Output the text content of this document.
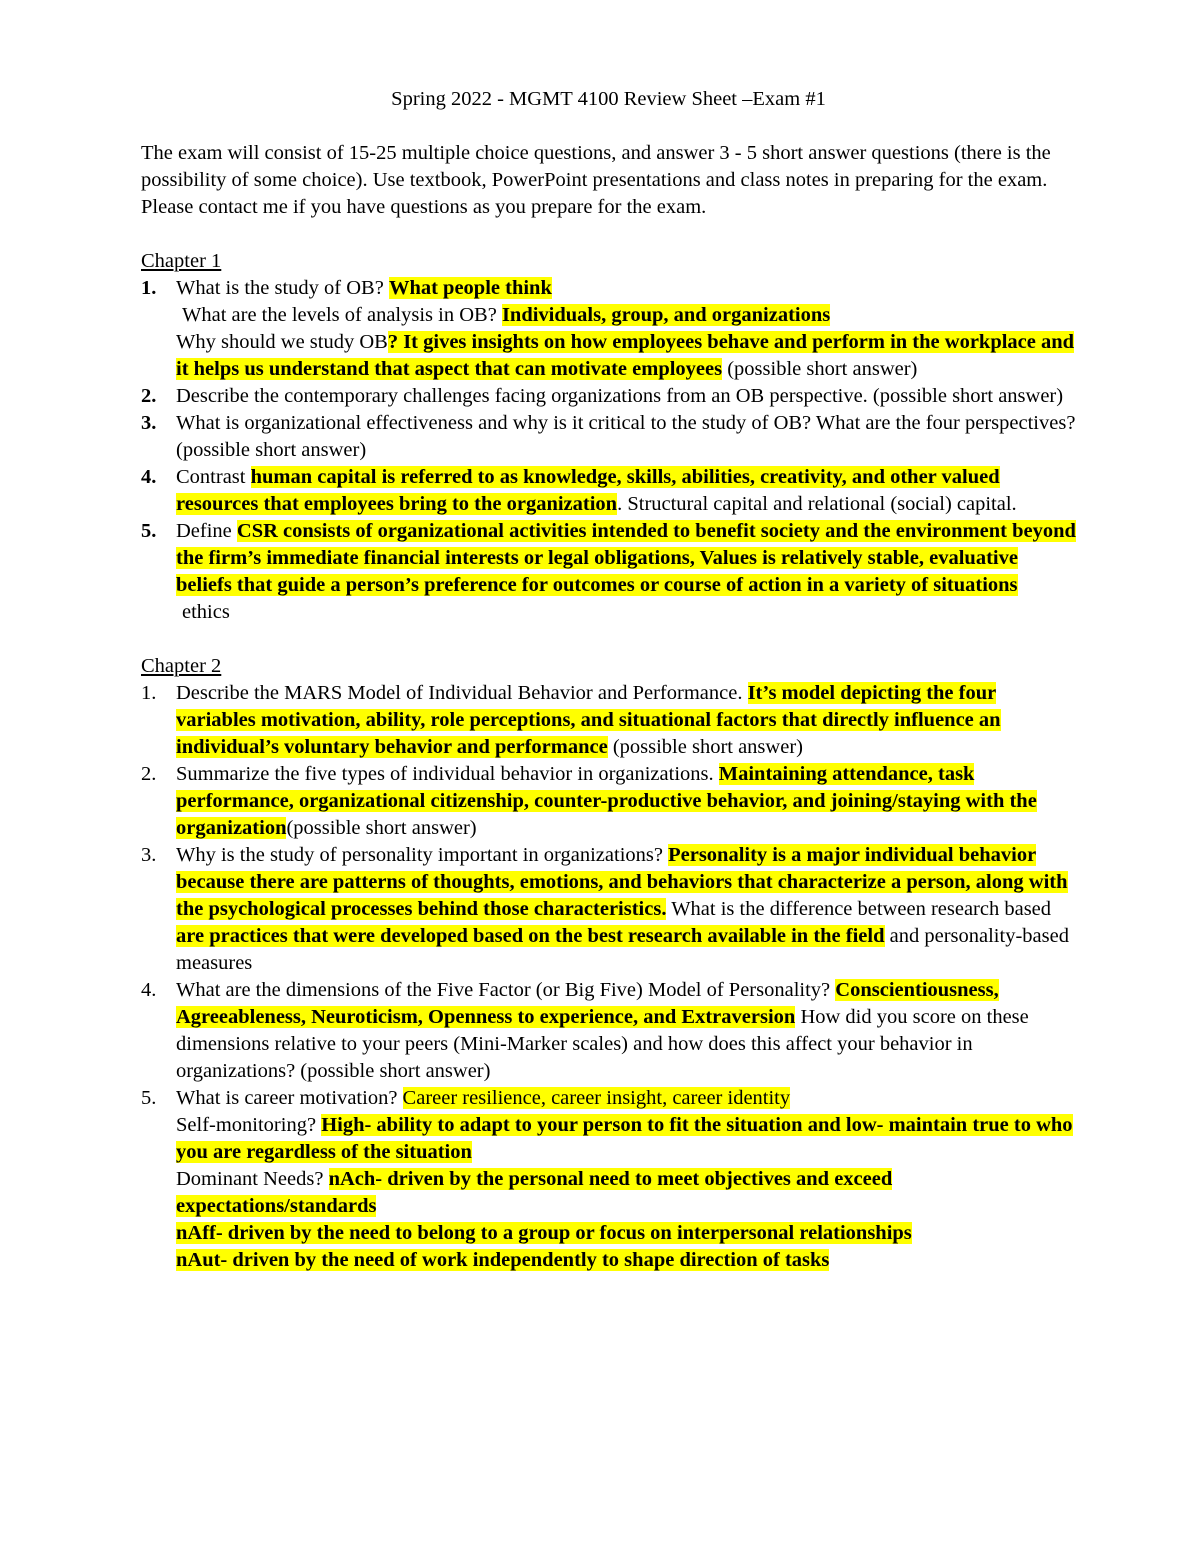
Spring 2022 - MGMT 4100 Review Sheet –Exam #1

The exam will consist of 15-25 multiple choice questions, and answer 3 - 5 short answer questions (there is the possibility of some choice). Use textbook, PowerPoint presentations and class notes in preparing for the exam. Please contact me if you have questions as you prepare for the exam.

Chapter 1

1. What is the study of OB? What people think
What are the levels of analysis in OB? Individuals, group, and organizations
Why should we study OB? It gives insights on how employees behave and perform in the workplace and it helps us understand that aspect that can motivate employees (possible short answer)
2. Describe the contemporary challenges facing organizations from an OB perspective. (possible short answer)
3. What is organizational effectiveness and why is it critical to the study of OB? What are the four perspectives? (possible short answer)
4. Contrast human capital is referred to as knowledge, skills, abilities, creativity, and other valued resources that employees bring to the organization. Structural capital and relational (social) capital.
5. Define CSR consists of organizational activities intended to benefit society and the environment beyond the firm’s immediate financial interests or legal obligations, Values is relatively stable, evaluative beliefs that guide a person’s preference for outcomes or course of action in a variety of situations
ethics

Chapter 2

1. Describe the MARS Model of Individual Behavior and Performance. It’s model depicting the four variables motivation, ability, role perceptions, and situational factors that directly influence an individual’s voluntary behavior and performance (possible short answer)
2. Summarize the five types of individual behavior in organizations. Maintaining attendance, task performance, organizational citizenship, counter-productive behavior, and joining/staying with the organization(possible short answer)
3. Why is the study of personality important in organizations? Personality is a major individual behavior because there are patterns of thoughts, emotions, and behaviors that characterize a person, along with the psychological processes behind those characteristics. What is the difference between research based are practices that were developed based on the best research available in the field and personality-based measures
4. What are the dimensions of the Five Factor (or Big Five) Model of Personality? Conscientiousness, Agreeableness, Neuroticism, Openness to experience, and Extraversion How did you score on these dimensions relative to your peers (Mini-Marker scales) and how does this affect your behavior in organizations? (possible short answer)
5. What is career motivation? Career resilience, career insight, career identity
Self-monitoring? High- ability to adapt to your person to fit the situation and low- maintain true to who you are regardless of the situation
Dominant Needs? nAch- driven by the personal need to meet objectives and exceed expectations/standards
nAff- driven by the need to belong to a group or focus on interpersonal relationships
nAut- driven by the need of work independently to shape direction of tasks
